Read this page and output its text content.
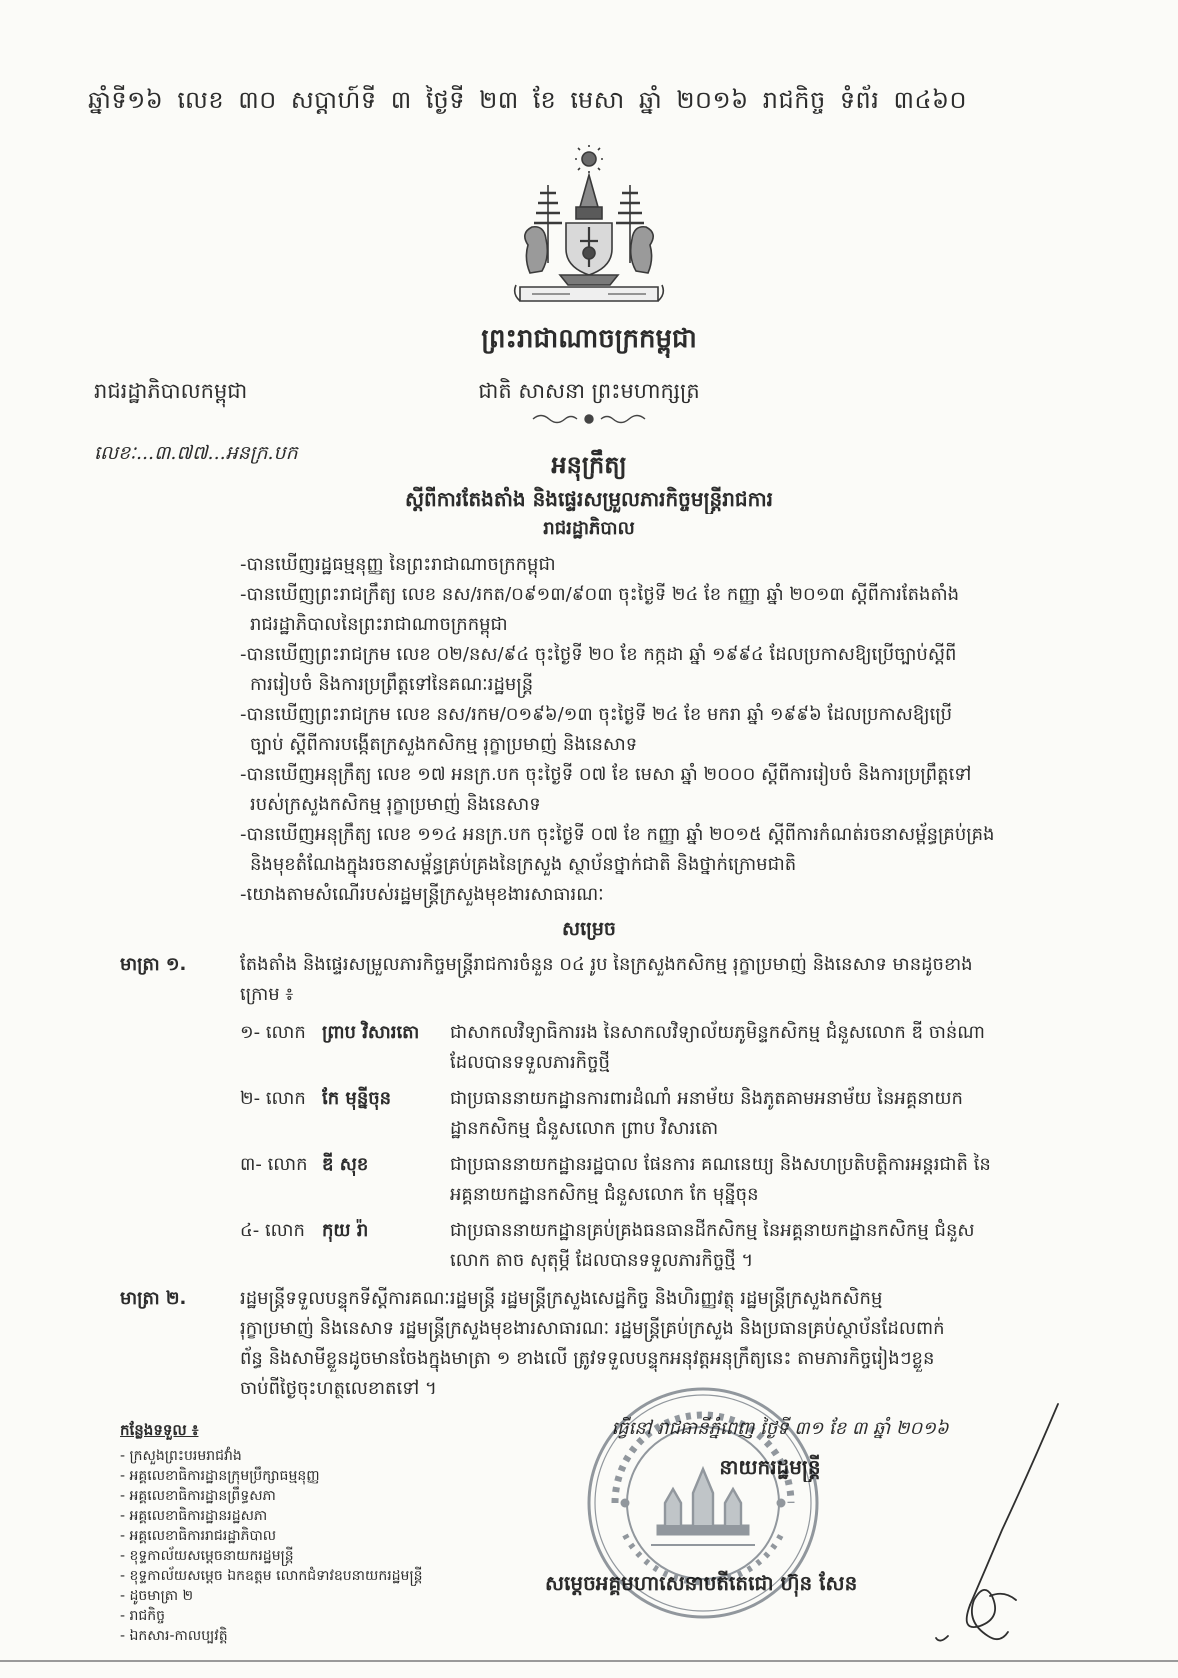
ឆ្នាំទី១៦ លេខ ៣០ សប្តាហ៍ទី ៣ ថ្ងៃទី ២៣ ខែ មេសា ឆ្នាំ ២០១៦ រាជកិច្ច ទំព័រ ៣៤៦០
ព្រះរាជាណាចក្រកម្ពុជា
រាជរដ្ឋាភិបាលកម្ពុជា	ជាតិ សាសនា ព្រះមហាក្សត្រ
លេខៈ...៣.៧៧...អនក្រ.បក	អនុក្រឹត្យ
ស្តីពីការតែងតាំង និងផ្ទេរសម្រួលភារកិច្ចមន្ត្រីរាជការ
រាជរដ្ឋាភិបាល
-បានឃើញរដ្ឋធម្មនុញ្ញ នៃព្រះរាជាណាចក្រកម្ពុជា
-បានឃើញព្រះរាជក្រឹត្យ លេខ នស/រកត/០៩១៣/៩០៣ ចុះថ្ងៃទី ២៤ ខែ កញ្ញា ឆ្នាំ ២០១៣ ស្តីពីការតែងតាំង
រាជរដ្ឋាភិបាលនៃព្រះរាជាណាចក្រកម្ពុជា
-បានឃើញព្រះរាជក្រម លេខ ០២/នស/៩៤ ចុះថ្ងៃទី ២០ ខែ កក្កដា ឆ្នាំ ១៩៩៤ ដែលប្រកាសឱ្យប្រើច្បាប់ស្តីពី
ការរៀបចំ និងការប្រព្រឹត្តទៅនៃគណៈរដ្ឋមន្ត្រី
-បានឃើញព្រះរាជក្រម លេខ នស/រកម/០១៩៦/១៣ ចុះថ្ងៃទី ២៤ ខែ មករា ឆ្នាំ ១៩៩៦ ដែលប្រកាសឱ្យប្រើ
ច្បាប់ ស្តីពីការបង្កើតក្រសួងកសិកម្ម រុក្ខាប្រមាញ់ និងនេសាទ
-បានឃើញអនុក្រឹត្យ លេខ ១៧ អនក្រ.បក ចុះថ្ងៃទី ០៧ ខែ មេសា ឆ្នាំ ២០០០ ស្តីពីការរៀបចំ និងការប្រព្រឹត្តទៅ
របស់ក្រសួងកសិកម្ម រុក្ខាប្រមាញ់ និងនេសាទ
-បានឃើញអនុក្រឹត្យ លេខ ១១៤ អនក្រ.បក ចុះថ្ងៃទី ០៧ ខែ កញ្ញា ឆ្នាំ ២០១៥ ស្តីពីការកំណត់រចនាសម្ព័ន្ធគ្រប់គ្រង
និងមុខតំណែងក្នុងរចនាសម្ព័ន្ធគ្រប់គ្រងនៃក្រសួង ស្ថាប័នថ្នាក់ជាតិ និងថ្នាក់ក្រោមជាតិ
-យោងតាមសំណើរបស់រដ្ឋមន្ត្រីក្រសួងមុខងារសាធារណៈ
សម្រេច
មាត្រា ១.	តែងតាំង និងផ្ទេរសម្រួលភារកិច្ចមន្ត្រីរាជការចំនួន ០៤ រូប នៃក្រសួងកសិកម្ម រុក្ខាប្រមាញ់ និងនេសាទ មានដូចខាង
ក្រោម ៖
១- លោក ព្រាប វិសារតោ	ជាសាកលវិទ្យាធិការរង នៃសាកលវិទ្យាល័យភូមិន្ទកសិកម្ម ជំនួសលោក ឌី ចាន់ណា
ដែលបានទទួលភារកិច្ចថ្មី
២- លោក កែ មុន្នីចុន	ជាប្រធាននាយកដ្ឋានការពារដំណាំ អនាម័យ និងភូតគាមអនាម័យ នៃអគ្គនាយក
ដ្ឋានកសិកម្ម ជំនួសលោក ព្រាប វិសារតោ
៣- លោក ឌី សុខ	ជាប្រធាននាយកដ្ឋានរដ្ឋបាល ផែនការ គណនេយ្យ និងសហប្រតិបត្តិការអន្តរជាតិ នៃ
អគ្គនាយកដ្ឋានកសិកម្ម ជំនួសលោក កែ មុន្នីចុន
៤- លោក កុយ រ៉ា	ជាប្រធាននាយកដ្ឋានគ្រប់គ្រងធនធានដីកសិកម្ម នៃអគ្គនាយកដ្ឋានកសិកម្ម ជំនួស
លោក តាច សុតុម្ភី ដែលបានទទួលភារកិច្ចថ្មី ។
មាត្រា ២.	រដ្ឋមន្ត្រីទទួលបន្ទុកទីស្តីការគណៈរដ្ឋមន្ត្រី រដ្ឋមន្ត្រីក្រសួងសេដ្ឋកិច្ច និងហិរញ្ញវត្ថុ រដ្ឋមន្ត្រីក្រសួងកសិកម្ម
រុក្ខាប្រមាញ់ និងនេសាទ រដ្ឋមន្ត្រីក្រសួងមុខងារសាធារណៈ រដ្ឋមន្ត្រីគ្រប់ក្រសួង និងប្រធានគ្រប់ស្ថាប័នដែលពាក់
ព័ន្ធ និងសាមីខ្លួនដូចមានចែងក្នុងមាត្រា ១ ខាងលើ ត្រូវទទួលបន្ទុកអនុវត្តអនុក្រឹត្យនេះ តាមភារកិច្ចរៀងៗខ្លួន
ចាប់ពីថ្ងៃចុះហត្ថលេខាតទៅ ។
ធ្វើនៅ រាជធានីភ្នំពេញ ថ្ងៃទី ៣១ ខែ ៣ ឆ្នាំ ២០១៦
នាយករដ្ឋមន្ត្រី
សម្តេចអគ្គមហាសេនាបតីតេជោ ហ៊ុន សែន
កន្លែងទទួល ៖
- ក្រសួងព្រះបរមរាជវាំង
- អគ្គលេខាធិការដ្ឋានក្រុមប្រឹក្សាធម្មនុញ្ញ
- អគ្គលេខាធិការដ្ឋានព្រឹទ្ធសភា
- អគ្គលេខាធិការដ្ឋានរដ្ឋសភា
- អគ្គលេខាធិការរាជរដ្ឋាភិបាល
- ខុទ្ទកាល័យសម្តេចនាយករដ្ឋមន្ត្រី
- ខុទ្ទកាល័យសម្តេច ឯកឧត្តម លោកជំទាវឧបនាយករដ្ឋមន្ត្រី
- ដូចមាត្រា ២
- រាជកិច្ច
- ឯកសារ-កាលប្បវត្តិ
